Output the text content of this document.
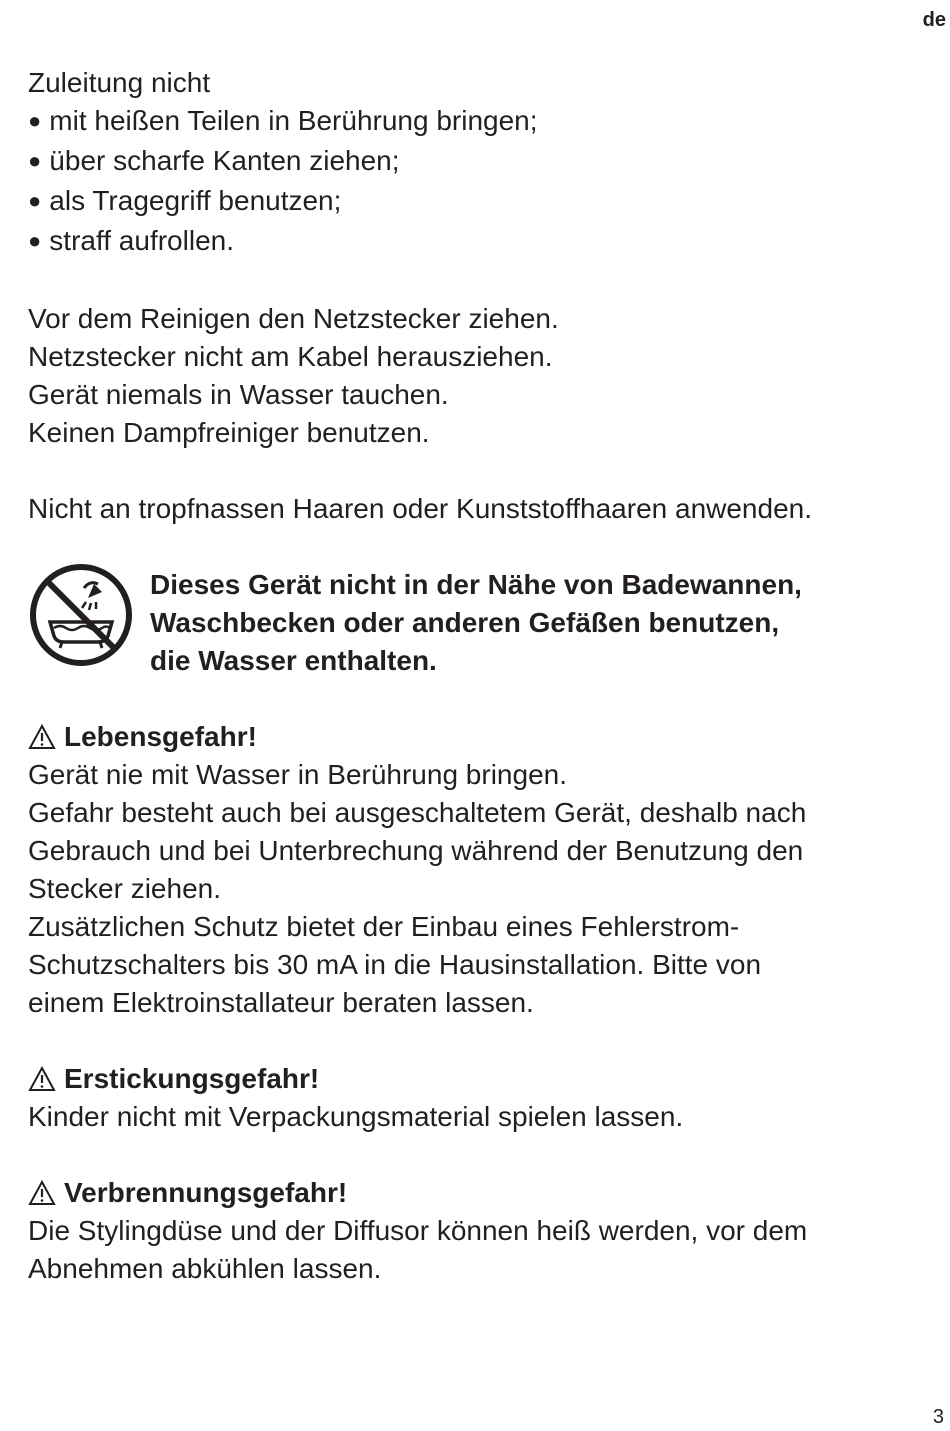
de
Zuleitung nicht
● mit heißen Teilen in Berührung bringen;
● über scharfe Kanten ziehen;
● als Tragegriff benutzen;
● straff aufrollen.
Vor dem Reinigen den Netzstecker ziehen.
Netzstecker nicht am Kabel herausziehen.
Gerät niemals in Wasser tauchen.
Keinen Dampfreiniger benutzen.
Nicht an tropfnassen Haaren oder Kunststoffhaaren anwenden.
Dieses Gerät nicht in der Nähe von Badewannen,
Waschbecken oder anderen Gefäßen benutzen,
die Wasser enthalten.
Lebensgefahr!
Gerät nie mit Wasser in Berührung bringen.
Gefahr besteht auch bei ausgeschaltetem Gerät, deshalb nach
Gebrauch und bei Unterbrechung während der Benutzung den
Stecker ziehen.
Zusätzlichen Schutz bietet der Einbau eines Fehlerstrom-
Schutzschalters bis 30 mA in die Hausinstallation. Bitte von
einem Elektroinstallateur beraten lassen.
Erstickungsgefahr!
Kinder nicht mit Verpackungsmaterial spielen lassen.
Verbrennungsgefahr!
Die Stylingdüse und der Diffusor können heiß werden, vor dem
Abnehmen abkühlen lassen.
3
